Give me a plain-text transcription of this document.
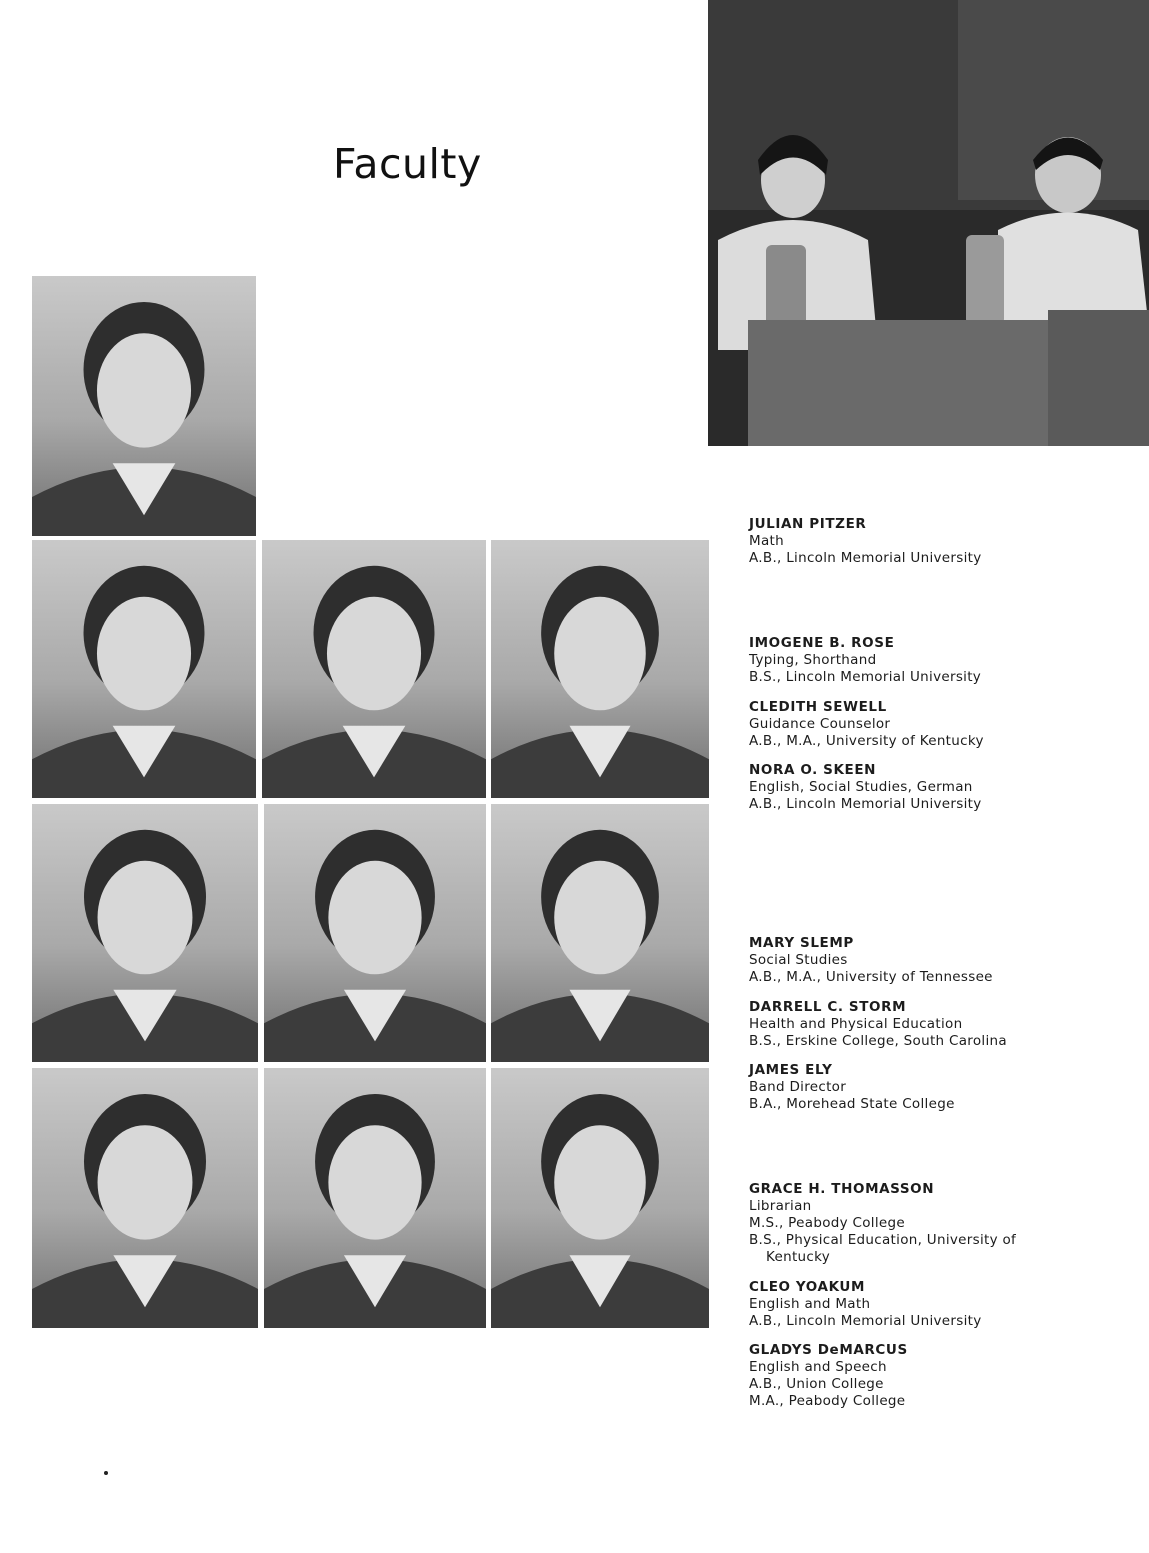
Faculty
JULIAN PITZER
Math
A.B., Lincoln Memorial University
IMOGENE B. ROSE
Typing, Shorthand
B.S., Lincoln Memorial University
CLEDITH SEWELL
Guidance Counselor
A.B., M.A., University of Kentucky
NORA O. SKEEN
English, Social Studies, German
A.B., Lincoln Memorial University
MARY SLEMP
Social Studies
A.B., M.A., University of Tennessee
DARRELL C. STORM
Health and Physical Education
B.S., Erskine College, South Carolina
JAMES ELY
Band Director
B.A., Morehead State College
GRACE H. THOMASSON
Librarian
M.S., Peabody College
B.S., Physical Education, University of
Kentucky
CLEO YOAKUM
English and Math
A.B., Lincoln Memorial University
GLADYS DeMARCUS
English and Speech
A.B., Union College
M.A., Peabody College
